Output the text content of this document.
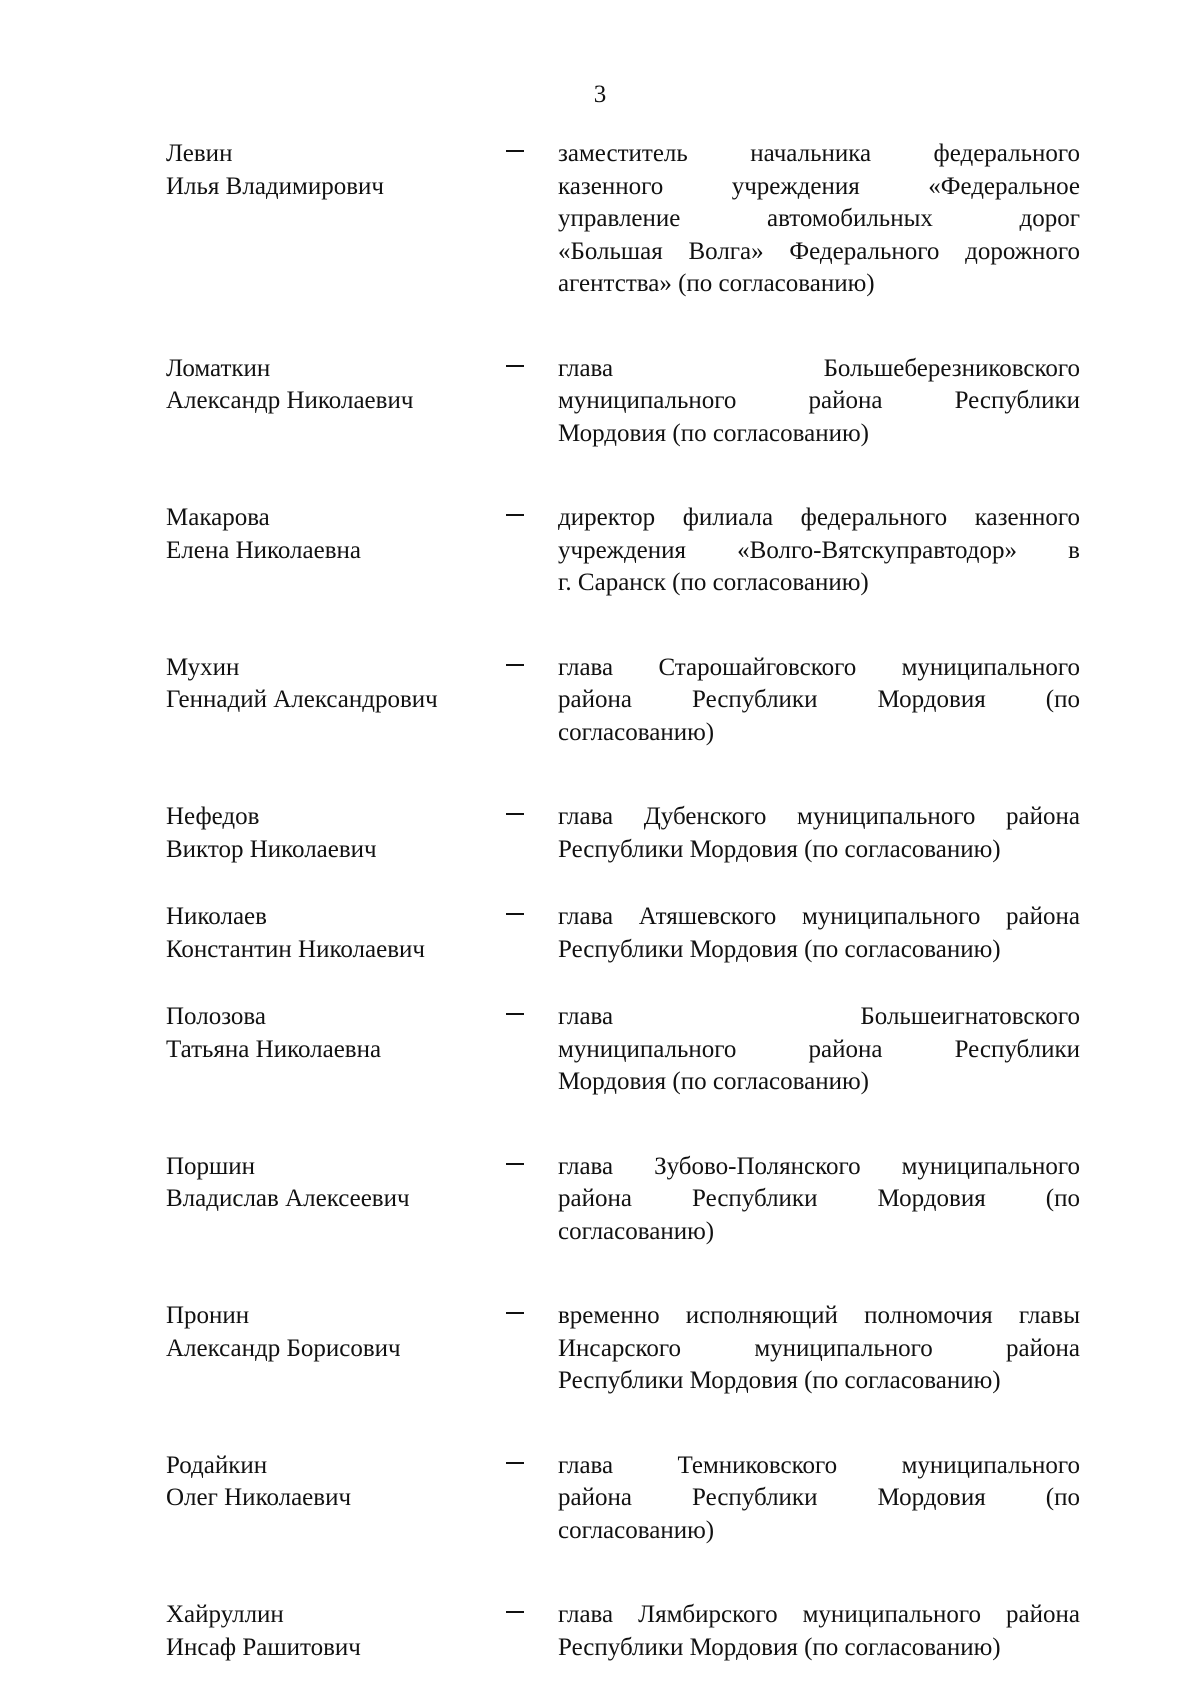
3
Левин
Илья Владимирович
заместитель начальника федерального
казенного учреждения «Федеральное
управление автомобильных дорог
«Большая Волга» Федерального дорожного
агентства» (по согласованию)
Ломаткин
Александр Николаевич
глава Большеберезниковского
муниципального района Республики
Мордовия (по согласованию)
Макарова
Елена Николаевна
директор филиала федерального казенного
учреждения «Волго-Вятскуправтодор» в
г. Саранск (по согласованию)
Мухин
Геннадий Александрович
глава Старошайговского муниципального
района Республики Мордовия (по
согласованию)
Нефедов
Виктор Николаевич
глава Дубенского муниципального района
Республики Мордовия (по согласованию)
Николаев
Константин Николаевич
глава Атяшевского муниципального района
Республики Мордовия (по согласованию)
Полозова
Татьяна Николаевна
глава Большеигнатовского
муниципального района Республики
Мордовия (по согласованию)
Поршин
Владислав Алексеевич
глава Зубово-Полянского муниципального
района Республики Мордовия (по
согласованию)
Пронин
Александр Борисович
временно исполняющий полномочия главы
Инсарского муниципального района
Республики Мордовия (по согласованию)
Родайкин
Олег Николаевич
глава Темниковского муниципального
района Республики Мордовия (по
согласованию)
Хайруллин
Инсаф Рашитович
глава Лямбирского муниципального района
Республики Мордовия (по согласованию)
